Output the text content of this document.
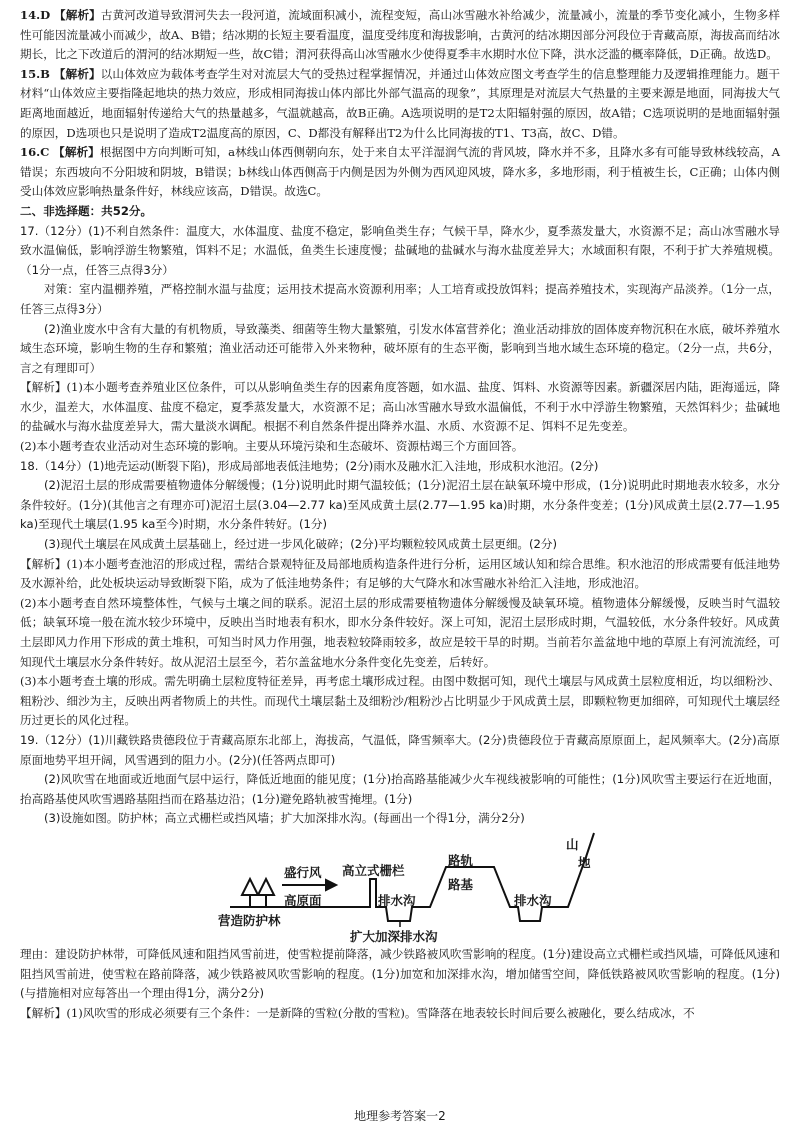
14.D 【解析】古黄河改道导致渭河失去一段河道，流域面积减小，流程变短，高山冰雪融水补给减少，流量减小，流量的季节变化减小，生物多样性可能因流量减小而减少，故A、B错；结冰期的长短主要看温度，温度受纬度和海拔影响，古黄河的结冰期因部分河段位于青藏高原，海拔高而结冰期长，比之下改道后的渭河的结冰期短一些，故C错；渭河获得高山冰雪融水少使得夏季丰水期时水位下降，洪水泛滥的概率降低，D正确。故选D。

15.B 【解析】以山体效应为载体考查学生对对流层大气的受热过程掌握情况，并通过山体效应图文考查学生的信息整理能力及逻辑推理能力。题干材料“山体效应主要指隆起地块的热力效应，形成相同海拔山体内部比外部气温高的现象”，其原理是对流层大气热量的主要来源是地面，同海拔大气距离地面越近，地面辐射传递给大气的热量越多，气温就越高，故B正确。A选项说明的是T2太阳辐射强的原因，故A错；C选项说明的是地面辐射强的原因，D选项也只是说明了造成T2温度高的原因，C、D都没有解释出T2为什么比同海拔的T1、T3高，故C、D错。

16.C 【解析】根据图中方向判断可知，a林线山体西侧朝向东，处于来自太平洋湿润气流的背风坡，降水并不多，且降水多有可能导致林线较高，A错误；东西坡向不分阳坡和阴坡，B错误；b林线山体西侧高于内侧是因为外侧为西风迎风坡，降水多，多地形雨，利于植被生长，C正确；山体内侧受山体效应影响热量条件好，林线应该高，D错误。故选C。

二、非选择题：共52分。

17.（12分）(1)不利自然条件：温度大，水体温度、盐度不稳定，影响鱼类生存；气候干旱，降水少，夏季蒸发量大，水资源不足；高山冰雪融水导致水温偏低，影响浮游生物繁殖，饵料不足；水温低，鱼类生长速度慢；盐碱地的盐碱水与海水盐度差异大；水域面积有限，不利于扩大养殖规模。（1分一点，任答三点得3分）

对策：室内温棚养殖，严格控制水温与盐度；运用技术提高水资源利用率；人工培育或投放饵料；提高养殖技术，实现海产品淡养。（1分一点，任答三点得3分）

(2)渔业废水中含有大量的有机物质，导致藻类、细菌等生物大量繁殖，引发水体富营养化；渔业活动排放的固体废弃物沉积在水底，破坏养殖水域生态环境，影响生物的生存和繁殖；渔业活动还可能带入外来物种，破坏原有的生态平衡，影响到当地水域生态环境的稳定。（2分一点，共6分，言之有理即可）

【解析】(1)本小题考查养殖业区位条件，可以从影响鱼类生存的因素角度答题，如水温、盐度、饵料、水资源等因素。新疆深居内陆，距海遥远，降水少，温差大，水体温度、盐度不稳定，夏季蒸发量大，水资源不足；高山冰雪融水导致水温偏低，不利于水中浮游生物繁殖，天然饵料少；盐碱地的盐碱水与海水盐度差异大，需大量淡水调配。根据不利自然条件提出降养水温、水质、水资源不足、饵料不足先变差。

(2)本小题考查农业活动对生态环境的影响。主要从环境污染和生态破坏、资源枯竭三个方面回答。

18.（14分）(1)地壳运动(断裂下陷)，形成局部地表低洼地势；(2分)雨水及融水汇入洼地，形成积水池沼。(2分)

(2)泥沼土层的形成需要植物遗体分解缓慢；(1分)说明此时期气温较低；(1分)泥沼土层在缺氧环境中形成，(1分)说明此时期地表水较多，水分条件较好。(1分)(其他言之有理亦可)泥沼土层(3.04—2.77 ka)至风成黄土层(2.77—1.95 ka)时期，水分条件变差；(1分)风成黄土层(2.77—1.95 ka)至现代土壤层(1.95 ka至今)时期，水分条件转好。(1分)

(3)现代土壤层在风成黄土层基础上，经过进一步风化破碎；(2分)平均颗粒较风成黄土层更细。(2分)

【解析】(1)本小题考查池沼的形成过程，需结合景观特征及局部地质构造条件进行分析，运用区域认知和综合思维。积水池沼的形成需要有低洼地势及水源补给，此处板块运动导致断裂下陷，成为了低洼地势条件；有足够的大气降水和冰雪融水补给汇入洼地，形成池沼。

(2)本小题考查自然环境整体性，气候与土壤之间的联系。泥沼土层的形成需要植物遗体分解缓慢及缺氧环境。植物遗体分解缓慢，反映当时气温较低；缺氧环境一般在流水较少环境中，反映出当时地表有积水，即水分条件较好。深上可知，泥沼土层形成时期，气温较低，水分条件较好。风成黄土层即风力作用下形成的黄土堆积，可知当时风力作用强，地表粒较降雨较多，故应是较干旱的时期。当前若尔盖盆地中地的草原上有河流流经，可知现代土壤层水分条件转好。故从泥沼土层至今，若尔盖盆地水分条件变化先变差，后转好。

(3)本小题考查土壤的形成。需先明确土层粒度特征差异，再考虑土壤形成过程。由图中数据可知，现代土壤层与风成黄土层粒度相近，均以细粉沙、粗粉沙、细沙为主，反映出两者物质上的共性。而现代土壤层黏土及细粉沙/粗粉沙占比明显少于风成黄土层，即颗粒物更加细碎，可知现代土壤层经历过更长的风化过程。

19.（12分）(1)川藏铁路贵德段位于青藏高原东北部上，海拔高，气温低，降雪频率大。(2分)贵德段位于青藏高原原面上，起风频率大。(2分)高原原面地势平坦开阔，风雪遇到的阻力小。(2分)(任答两点即可)

(2)风吹雪在地面或近地面气层中运行，降低近地面的能见度；(1分)抬高路基能减少火车视线被影响的可能性；(1分)风吹雪主要运行在近地面，抬高路基使风吹雪遇路基阻挡而在路基边沿；(1分)避免路轨被雪掩埋。(1分)

(3)设施如图。防护林；高立式栅栏或挡风墙；扩大加深排水沟。(每画出一个得1分，满分2分)

盛行风
高原面
高立式栅栏
排水沟
路轨
路基
排水沟
山
地
营造防护林
扩大加深排水沟

理由：建设防护林带，可降低风速和阻挡风雪前进，使雪粒提前降落，减少铁路被风吹雪影响的程度。(1分)建设高立式栅栏或挡风墙，可降低风速和阻挡风雪前进，使雪粒在路前降落，减少铁路被风吹雪影响的程度。(1分)加宽和加深排水沟，增加储雪空间，降低铁路被风吹雪影响的程度。(1分)(与措施相对应每答出一个理由得1分，满分2分)

【解析】(1)风吹雪的形成必须要有三个条件：一是新降的雪粒(分散的雪粒)。雪降落在地表较长时间后要么被融化，要么结成冰，不

地理参考答案一2
